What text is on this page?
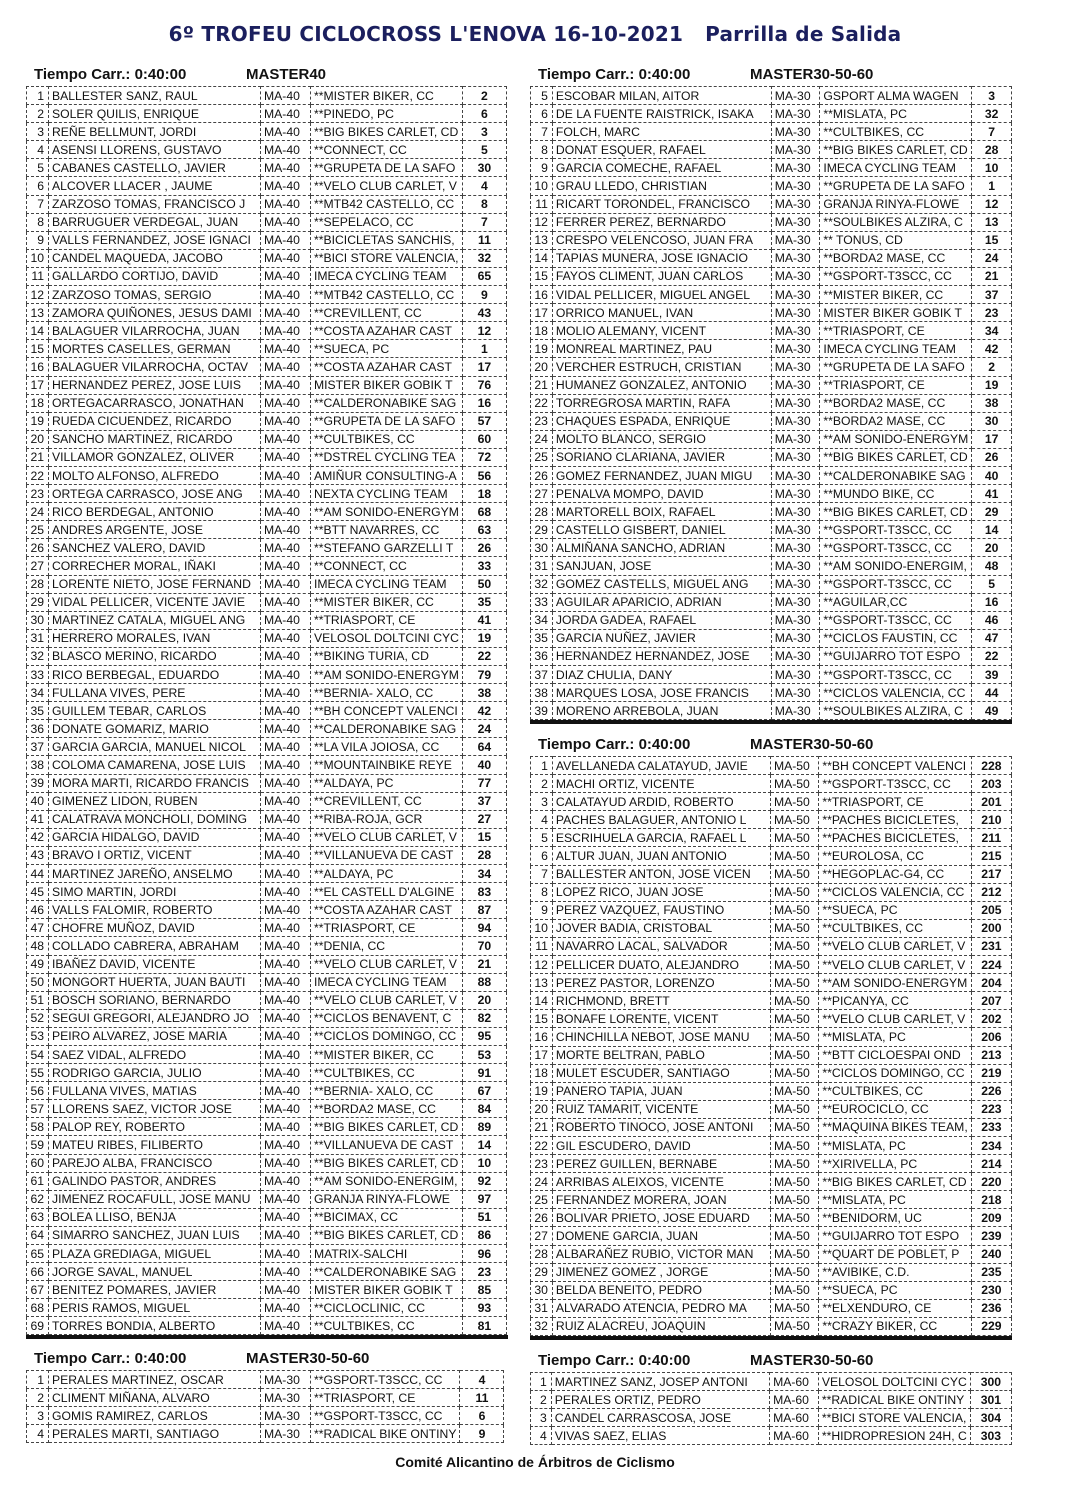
6º TROFEU CICLOCROSS L'ENOVA 16-10-2021 Parrilla de Salida
Tiempo Carr.: 0:40:00	MASTER40
1	BALLESTER SANZ, RAUL	MA-40	**MISTER BIKER, CC	2
2	SOLER QUILIS, ENRIQUE	MA-40	**PINEDO, PC	6
3	REÑE BELLMUNT, JORDI	MA-40	**BIG BIKES CARLET, CD	3
4	ASENSI LLORENS, GUSTAVO	MA-40	**CONNECT, CC	5
5	CABANES CASTELLO, JAVIER	MA-40	**GRUPETA DE LA SAFO	30
6	ALCOVER LLACER , JAUME	MA-40	**VELO CLUB CARLET, V	4
7	ZARZOSO TOMAS, FRANCISCO J	MA-40	**MTB42 CASTELLO, CC	8
8	BARRUGUER VERDEGAL, JUAN	MA-40	**SEPELACO, CC	7
9	VALLS FERNANDEZ, JOSE IGNACI	MA-40	**BICICLETAS SANCHIS,	11
10	CANDEL MAQUEDA, JACOBO	MA-40	**BICI STORE VALENCIA,	32
11	GALLARDO CORTIJO, DAVID	MA-40	IMECA CYCLING TEAM	65
12	ZARZOSO TOMAS, SERGIO	MA-40	**MTB42 CASTELLO, CC	9
13	ZAMORA QUIÑONES, JESUS DAMI	MA-40	**CREVILLENT, CC	43
14	BALAGUER VILARROCHA, JUAN	MA-40	**COSTA AZAHAR CAST	12
15	MORTES CASELLES, GERMAN	MA-40	**SUECA, PC	1
16	BALAGUER VILARROCHA, OCTAV	MA-40	**COSTA AZAHAR CAST	17
17	HERNANDEZ PEREZ, JOSE LUIS	MA-40	MISTER BIKER GOBIK T	76
18	ORTEGACARRASCO, JONATHAN	MA-40	**CALDERONABIKE SAG	16
19	RUEDA CICUENDEZ, RICARDO	MA-40	**GRUPETA DE LA SAFO	57
20	SANCHO MARTINEZ, RICARDO	MA-40	**CULTBIKES, CC	60
21	VILLAMOR GONZALEZ, OLIVER	MA-40	**DSTREL CYCLING TEA	72
22	MOLTO ALFONSO, ALFREDO	MA-40	AMIÑUR CONSULTING-A	56
23	ORTEGA CARRASCO, JOSE ANG	MA-40	NEXTA CYCLING TEAM	18
24	RICO BERDEGAL, ANTONIO	MA-40	**AM SONIDO-ENERGYM	68
25	ANDRES ARGENTE, JOSE	MA-40	**BTT NAVARRES, CC	63
26	SANCHEZ VALERO, DAVID	MA-40	**STEFANO GARZELLI T	26
27	CORRECHER MORAL, IÑAKI	MA-40	**CONNECT, CC	33
28	LORENTE NIETO, JOSE FERNAND	MA-40	IMECA CYCLING TEAM	50
29	VIDAL PELLICER, VICENTE JAVIE	MA-40	**MISTER BIKER, CC	35
30	MARTINEZ CATALA, MIGUEL ANG	MA-40	**TRIASPORT, CE	41
31	HERRERO MORALES, IVAN	MA-40	VELOSOL DOLTCINI CYC	19
32	BLASCO MERINO, RICARDO	MA-40	**BIKING TURIA, CD	22
33	RICO BERBEGAL, EDUARDO	MA-40	**AM SONIDO-ENERGYM	79
34	FULLANA VIVES, PERE	MA-40	**BERNIA- XALO, CC	38
35	GUILLEM TEBAR, CARLOS	MA-40	**BH CONCEPT VALENCI	42
36	DONATE GOMARIZ, MARIO	MA-40	**CALDERONABIKE SAG	24
37	GARCIA GARCIA, MANUEL NICOL	MA-40	**LA VILA JOIOSA, CC	64
38	COLOMA CAMARENA, JOSE LUIS	MA-40	**MOUNTAINBIKE REYE	40
39	MORA MARTI, RICARDO FRANCIS	MA-40	**ALDAYA, PC	77
40	GIMENEZ LIDON, RUBEN	MA-40	**CREVILLENT, CC	37
41	CALATRAVA MONCHOLI, DOMING	MA-40	**RIBA-ROJA, GCR	27
42	GARCIA HIDALGO, DAVID	MA-40	**VELO CLUB CARLET, V	15
43	BRAVO I ORTIZ, VICENT	MA-40	**VILLANUEVA DE CAST	28
44	MARTINEZ JAREÑO, ANSELMO	MA-40	**ALDAYA, PC	34
45	SIMO MARTIN, JORDI	MA-40	**EL CASTELL D'ALGINE	83
46	VALLS FALOMIR, ROBERTO	MA-40	**COSTA AZAHAR CAST	87
47	CHOFRE MUÑOZ, DAVID	MA-40	**TRIASPORT, CE	94
48	COLLADO CABRERA, ABRAHAM	MA-40	**DENIA, CC	70
49	IBAÑEZ DAVID, VICENTE	MA-40	**VELO CLUB CARLET, V	21
50	MONGORT HUERTA, JUAN BAUTI	MA-40	IMECA CYCLING TEAM	88
51	BOSCH SORIANO, BERNARDO	MA-40	**VELO CLUB CARLET, V	20
52	SEGUI GREGORI, ALEJANDRO JO	MA-40	**CICLOS BENAVENT, C	82
53	PEIRO ALVAREZ, JOSE MARIA	MA-40	**CICLOS DOMINGO, CC	95
54	SAEZ VIDAL, ALFREDO	MA-40	**MISTER BIKER, CC	53
55	RODRIGO GARCIA, JULIO	MA-40	**CULTBIKES, CC	91
56	FULLANA VIVES, MATIAS	MA-40	**BERNIA- XALO, CC	67
57	LLORENS SAEZ, VICTOR JOSE	MA-40	**BORDA2 MASE, CC	84
58	PALOP REY, ROBERTO	MA-40	**BIG BIKES CARLET, CD	89
59	MATEU RIBES, FILIBERTO	MA-40	**VILLANUEVA DE CAST	14
60	PAREJO ALBA, FRANCISCO	MA-40	**BIG BIKES CARLET, CD	10
61	GALINDO PASTOR, ANDRES	MA-40	**AM SONIDO-ENERGIM,	92
62	JIMENEZ ROCAFULL, JOSE MANU	MA-40	GRANJA RINYA-FLOWE	97
63	BOLEA LLISO, BENJA	MA-40	**BICIMAX, CC	51
64	SIMARRO SANCHEZ, JUAN LUIS	MA-40	**BIG BIKES CARLET, CD	86
65	PLAZA GREDIAGA, MIGUEL	MA-40	MATRIX-SALCHI	96
66	JORGE SAVAL, MANUEL	MA-40	**CALDERONABIKE SAG	23
67	BENITEZ POMARES, JAVIER	MA-40	MISTER BIKER GOBIK T	85
68	PERIS RAMOS, MIGUEL	MA-40	**CICLOCLINIC, CC	93
69	TORRES BONDIA, ALBERTO	MA-40	**CULTBIKES, CC	81
Tiempo Carr.: 0:40:00	MASTER30-50-60
5	ESCOBAR MILAN, AITOR	MA-30	GSPORT ALMA WAGEN	3
6	DE LA FUENTE RAISTRICK, ISAKA	MA-30	**MISLATA, PC	32
7	FOLCH, MARC	MA-30	**CULTBIKES, CC	7
8	DONAT ESQUER, RAFAEL	MA-30	**BIG BIKES CARLET, CD	28
9	GARCIA COMECHE, RAFAEL	MA-30	IMECA CYCLING TEAM	10
10	GRAU LLEDO, CHRISTIAN	MA-30	**GRUPETA DE LA SAFO	1
11	RICART TORONDEL, FRANCISCO	MA-30	GRANJA RINYA-FLOWE	12
12	FERRER PEREZ, BERNARDO	MA-30	**SOULBIKES ALZIRA, C	13
13	CRESPO VELENCOSO, JUAN FRA	MA-30	** TONUS, CD	15
14	TAPIAS MUNERA, JOSE IGNACIO	MA-30	**BORDA2 MASE, CC	24
15	FAYOS CLIMENT, JUAN CARLOS	MA-30	**GSPORT-T3SCC, CC	21
16	VIDAL PELLICER, MIGUEL ANGEL	MA-30	**MISTER BIKER, CC	37
17	ORRICO MANUEL, IVAN	MA-30	MISTER BIKER GOBIK T	23
18	MOLIO ALEMANY, VICENT	MA-30	**TRIASPORT, CE	34
19	MONREAL MARTINEZ, PAU	MA-30	IMECA CYCLING TEAM	42
20	VERCHER ESTRUCH, CRISTIAN	MA-30	**GRUPETA DE LA SAFO	2
21	HUMANEZ GONZALEZ, ANTONIO	MA-30	**TRIASPORT, CE	19
22	TORREGROSA MARTIN, RAFA	MA-30	**BORDA2 MASE, CC	38
23	CHAQUES ESPADA, ENRIQUE	MA-30	**BORDA2 MASE, CC	30
24	MOLTO BLANCO, SERGIO	MA-30	**AM SONIDO-ENERGYM	17
25	SORIANO CLARIANA, JAVIER	MA-30	**BIG BIKES CARLET, CD	26
26	GOMEZ FERNANDEZ, JUAN MIGU	MA-30	**CALDERONABIKE SAG	40
27	PENALVA MOMPO, DAVID	MA-30	**MUNDO BIKE, CC	41
28	MARTORELL BOIX, RAFAEL	MA-30	**BIG BIKES CARLET, CD	29
29	CASTELLO GISBERT, DANIEL	MA-30	**GSPORT-T3SCC, CC	14
30	ALMIÑANA SANCHO, ADRIAN	MA-30	**GSPORT-T3SCC, CC	20
31	SANJUAN, JOSE	MA-30	**AM SONIDO-ENERGIM,	48
32	GOMEZ CASTELLS, MIGUEL ANG	MA-30	**GSPORT-T3SCC, CC	5
33	AGUILAR APARICIO, ADRIAN	MA-30	**AGUILAR,CC	16
34	JORDA GADEA, RAFAEL	MA-30	**GSPORT-T3SCC, CC	46
35	GARCIA NUÑEZ, JAVIER	MA-30	**CICLOS FAUSTIN, CC	47
36	HERNANDEZ HERNANDEZ, JOSE	MA-30	**GUIJARRO TOT ESPO	22
37	DIAZ CHULIA, DANY	MA-30	**GSPORT-T3SCC, CC	39
38	MARQUES LOSA, JOSE FRANCIS	MA-30	**CICLOS VALENCIA, CC	44
39	MORENO ARREBOLA, JUAN	MA-30	**SOULBIKES ALZIRA, C	49
Tiempo Carr.: 0:40:00	MASTER30-50-60
1	AVELLANEDA CALATAYUD, JAVIE	MA-50	**BH CONCEPT VALENCI	228
2	MACHI ORTIZ, VICENTE	MA-50	**GSPORT-T3SCC, CC	203
3	CALATAYUD ARDID, ROBERTO	MA-50	**TRIASPORT, CE	201
4	PACHES BALAGUER, ANTONIO L	MA-50	**PACHES BICICLETES,	210
5	ESCRIHUELA GARCIA, RAFAEL L	MA-50	**PACHES BICICLETES,	211
6	ALTUR JUAN, JUAN ANTONIO	MA-50	**EUROLOSA, CC	215
7	BALLESTER ANTON, JOSE VICEN	MA-50	**HEGOPLAC-G4, CC	217
8	LOPEZ RICO, JUAN JOSE	MA-50	**CICLOS VALENCIA, CC	212
9	PEREZ VAZQUEZ, FAUSTINO	MA-50	**SUECA, PC	205
10	JOVER BADIA, CRISTOBAL	MA-50	**CULTBIKES, CC	200
11	NAVARRO LACAL, SALVADOR	MA-50	**VELO CLUB CARLET, V	231
12	PELLICER DUATO, ALEJANDRO	MA-50	**VELO CLUB CARLET, V	224
13	PEREZ PASTOR, LORENZO	MA-50	**AM SONIDO-ENERGYM	204
14	RICHMOND, BRETT	MA-50	**PICANYA, CC	207
15	BONAFE LORENTE, VICENT	MA-50	**VELO CLUB CARLET, V	202
16	CHINCHILLA NEBOT, JOSE MANU	MA-50	**MISLATA, PC	206
17	MORTE BELTRAN, PABLO	MA-50	**BTT CICLOESPAI OND	213
18	MULET ESCUDER, SANTIAGO	MA-50	**CICLOS DOMINGO, CC	219
19	PANERO TAPIA, JUAN	MA-50	**CULTBIKES, CC	226
20	RUIZ TAMARIT, VICENTE	MA-50	**EUROCICLO, CC	223
21	ROBERTO TINOCO, JOSE ANTONI	MA-50	**MAQUINA BIKES TEAM,	233
22	GIL ESCUDERO, DAVID	MA-50	**MISLATA, PC	234
23	PEREZ GUILLEN, BERNABE	MA-50	**XIRIVELLA, PC	214
24	ARRIBAS ALEIXOS, VICENTE	MA-50	**BIG BIKES CARLET, CD	220
25	FERNANDEZ MORERA, JOAN	MA-50	**MISLATA, PC	218
26	BOLIVAR PRIETO, JOSE EDUARD	MA-50	**BENIDORM, UC	209
27	DOMENE GARCIA, JUAN	MA-50	**GUIJARRO TOT ESPO	239
28	ALBARAÑEZ RUBIO, VICTOR MAN	MA-50	**QUART DE POBLET, P	240
29	JIMENEZ GOMEZ , JORGE	MA-50	**AVIBIKE, C.D.	235
30	BELDA BENEITO, PEDRO	MA-50	**SUECA, PC	230
31	ALVARADO ATENCIA, PEDRO MA	MA-50	**ELXENDURO, CE	236
32	RUIZ ALACREU, JOAQUIN	MA-50	**CRAZY BIKER, CC	229
Tiempo Carr.: 0:40:00	MASTER30-50-60
1	PERALES MARTINEZ, OSCAR	MA-30	**GSPORT-T3SCC, CC	4
2	CLIMENT MIÑANA, ALVARO	MA-30	**TRIASPORT, CE	11
3	GOMIS RAMIREZ, CARLOS	MA-30	**GSPORT-T3SCC, CC	6
4	PERALES MARTI, SANTIAGO	MA-30	**RADICAL BIKE ONTINY	9
Tiempo Carr.: 0:40:00	MASTER30-50-60
1	MARTINEZ SANZ, JOSEP ANTONI	MA-60	VELOSOL DOLTCINI CYC	300
2	PERALES ORTIZ, PEDRO	MA-60	**RADICAL BIKE ONTINY	301
3	CANDEL CARRASCOSA, JOSE	MA-60	**BICI STORE VALENCIA,	304
4	VIVAS SAEZ, ELIAS	MA-60	**HIDROPRESION 24H, C	303
Comité Alicantino de Árbitros de Ciclismo
